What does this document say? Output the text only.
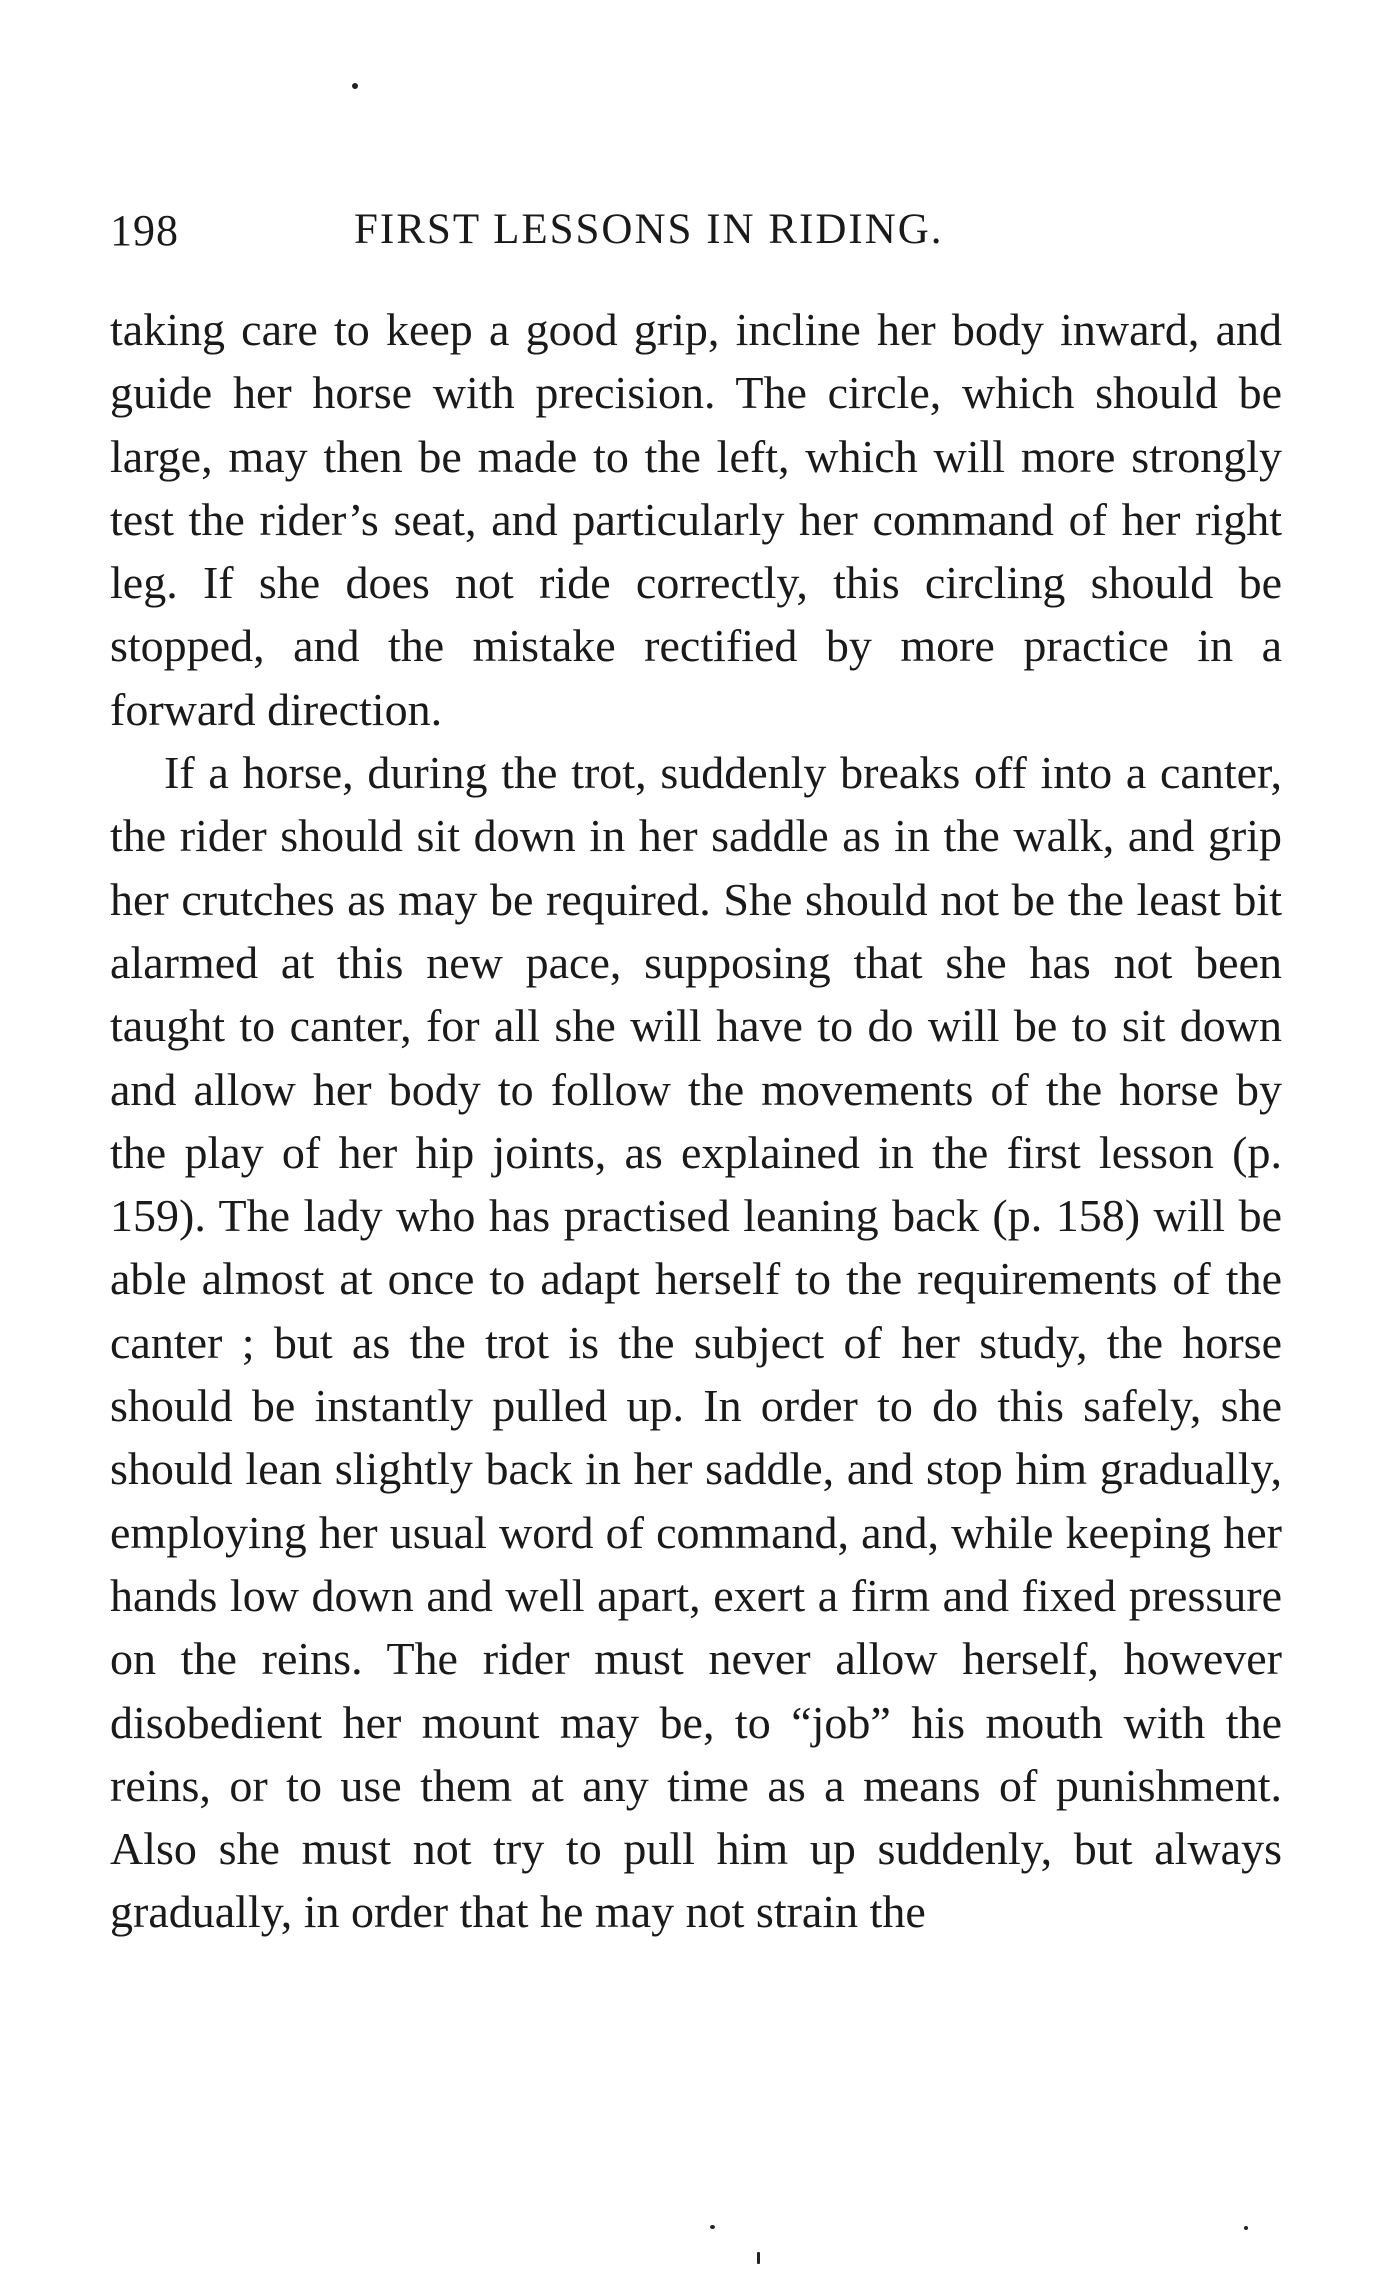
198	FIRST LESSONS IN RIDING.

taking care to keep a good grip, incline her body inward, and guide her horse with precision. The circle, which should be large, may then be made to the left, which will more strongly test the rider’s seat, and particularly her command of her right leg. If she does not ride correctly, this circling should be stopped, and the mistake rectified by more practice in a forward direction.

If a horse, during the trot, suddenly breaks off into a canter, the rider should sit down in her saddle as in the walk, and grip her crutches as may be required. She should not be the least bit alarmed at this new pace, supposing that she has not been taught to canter, for all she will have to do will be to sit down and allow her body to follow the movements of the horse by the play of her hip joints, as explained in the first lesson (p. 159). The lady who has practised leaning back (p. 158) will be able almost at once to adapt herself to the requirements of the canter ; but as the trot is the subject of her study, the horse should be instantly pulled up. In order to do this safely, she should lean slightly back in her saddle, and stop him gradually, employing her usual word of command, and, while keeping her hands low down and well apart, exert a firm and fixed pressure on the reins. The rider must never allow herself, however disobedient her mount may be, to “job” his mouth with the reins, or to use them at any time as a means of punishment. Also she must not try to pull him up suddenly, but always gradually, in order that he may not strain the
